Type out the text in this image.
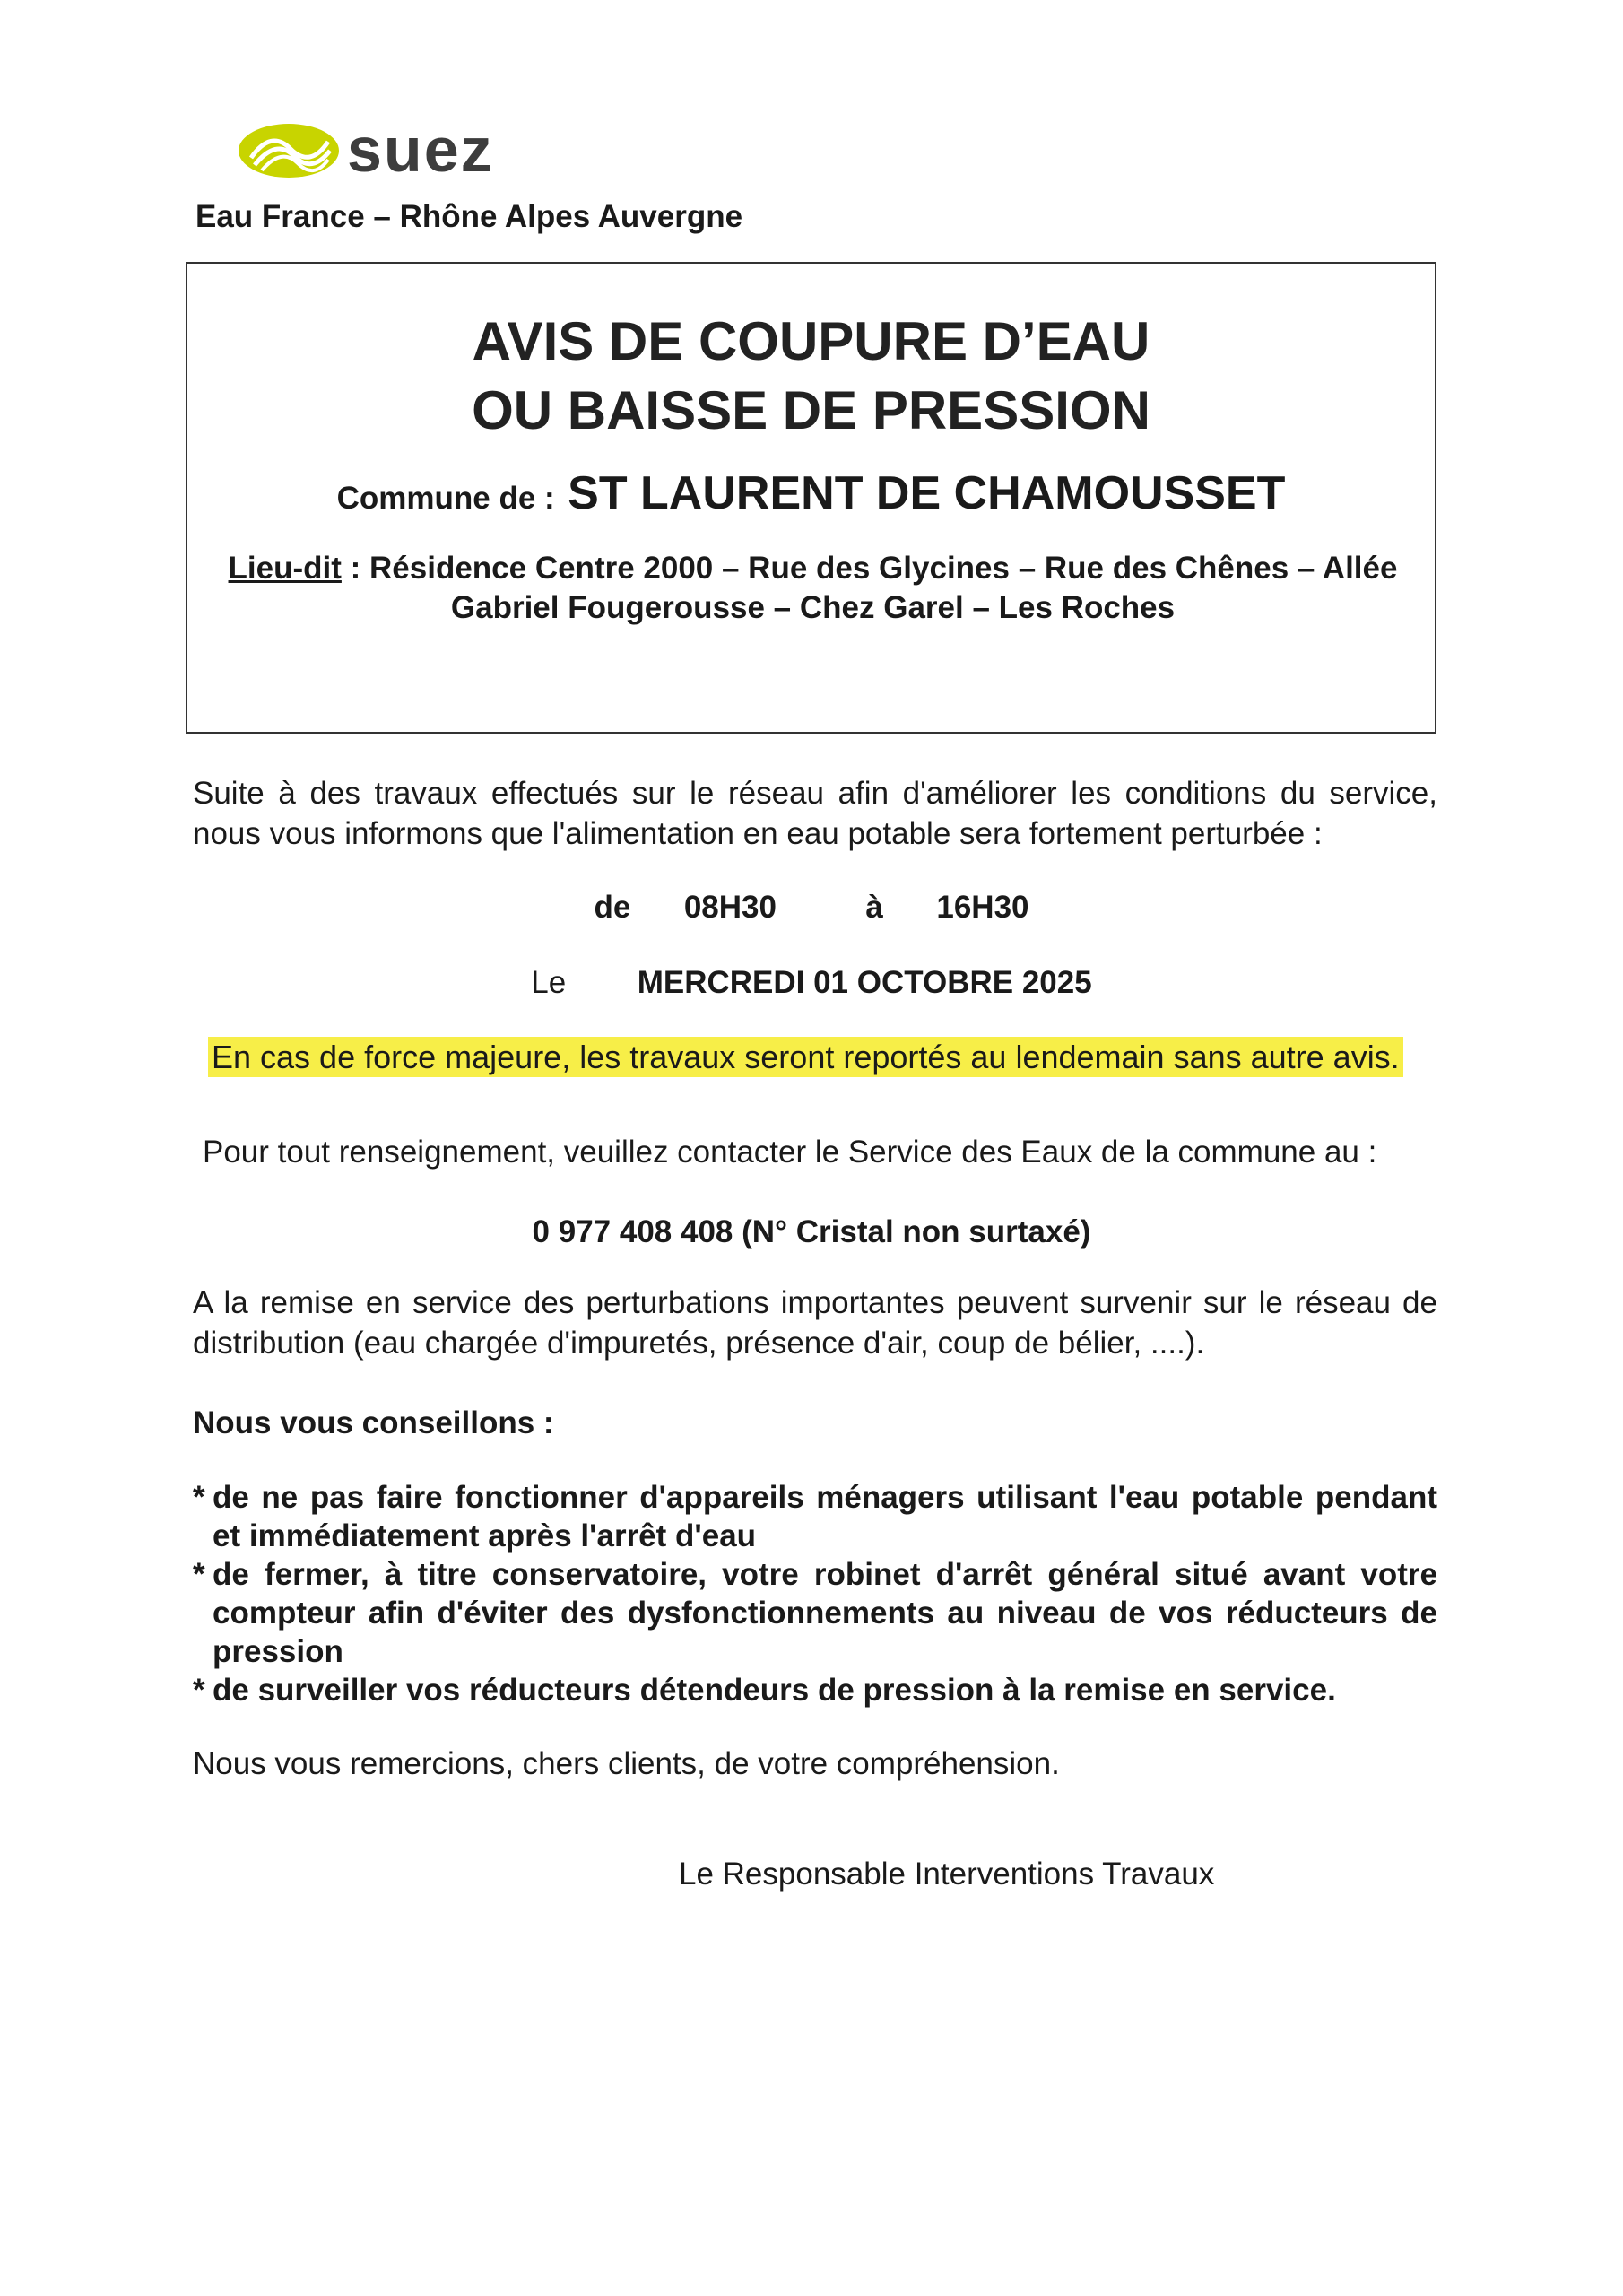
suez
Eau France – Rhône Alpes Auvergne
AVIS DE COUPURE D’EAU
OU BAISSE DE PRESSION
Commune de : ST LAURENT DE CHAMOUSSET
Lieu-dit : Résidence Centre 2000 – Rue des Glycines – Rue des Chênes – Allée Gabriel Fougerousse – Chez Garel – Les Roches
Suite à des travaux effectués sur le réseau afin d'améliorer les conditions du service, nous vous informons que l'alimentation en eau potable sera fortement perturbée :
de 08H30	à 16H30
Le MERCREDI 01 OCTOBRE 2025
En cas de force majeure, les travaux seront reportés au lendemain sans autre avis.
Pour tout renseignement, veuillez contacter le Service des Eaux de la commune au :
0 977 408 408 (N° Cristal non surtaxé)
A la remise en service des perturbations importantes peuvent survenir sur le réseau de distribution (eau chargée d'impuretés, présence d'air, coup de bélier, ....).
Nous vous conseillons :
* de ne pas faire fonctionner d'appareils ménagers utilisant l'eau potable pendant et immédiatement après l'arrêt d'eau
* de fermer, à titre conservatoire, votre robinet d'arrêt général situé avant votre compteur afin d'éviter des dysfonctionnements au niveau de vos réducteurs de pression
* de surveiller vos réducteurs détendeurs de pression à la remise en service.
Nous vous remercions, chers clients, de votre compréhension.
Le Responsable Interventions Travaux
